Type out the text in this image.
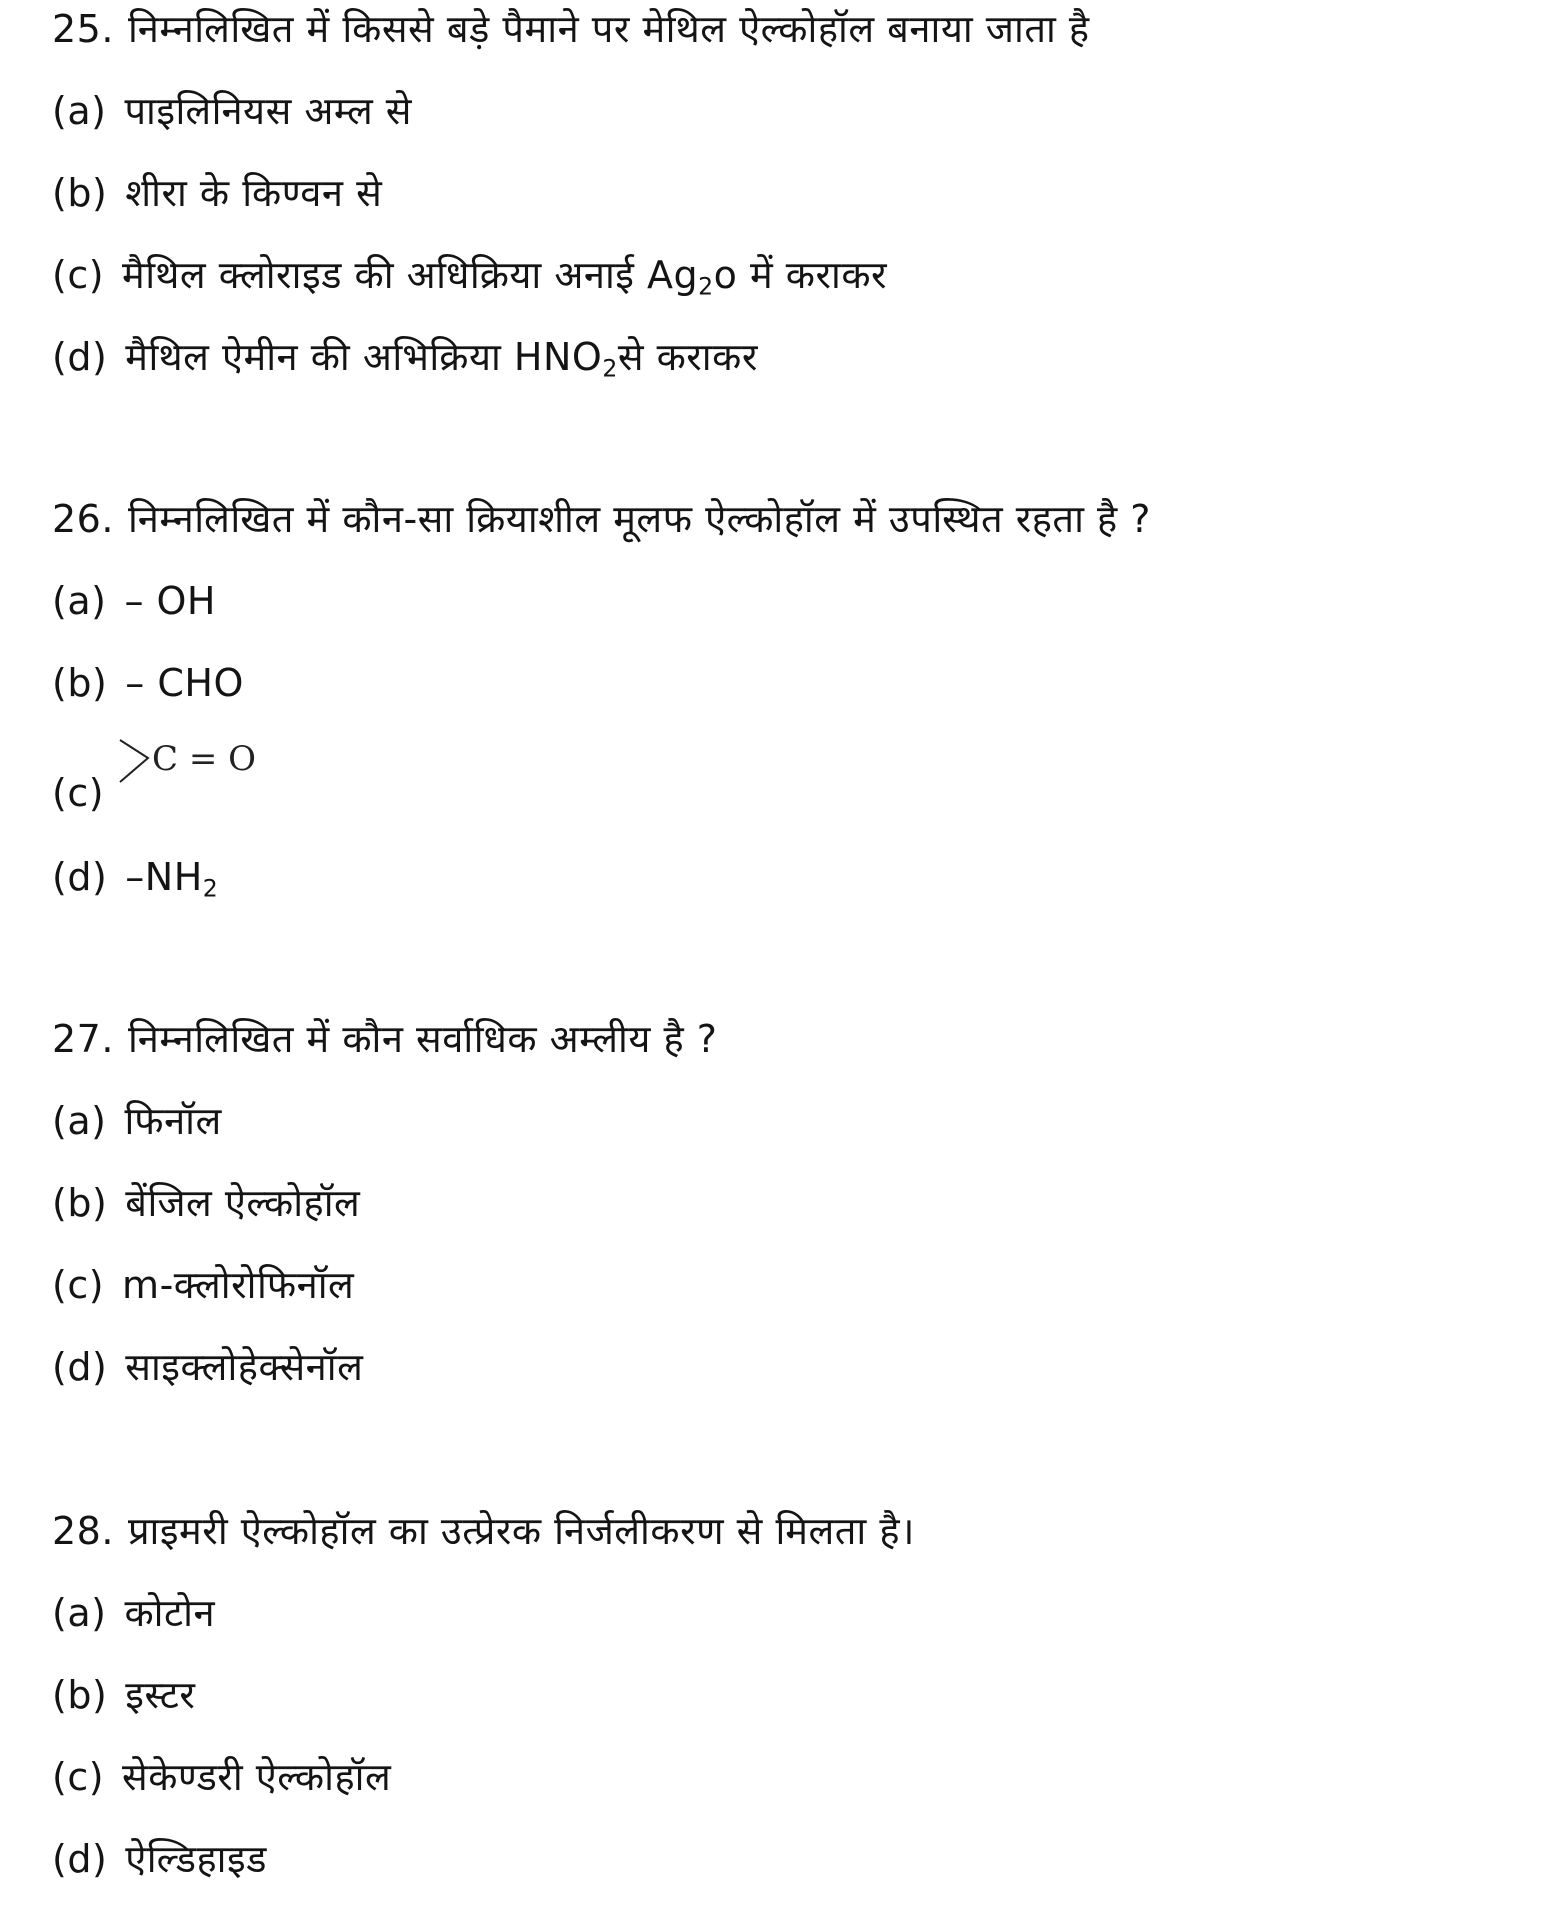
25. निम्नलिखित में किससे बड़े पैमाने पर मेथिल ऐल्कोहॉल बनाया जाता है
(a) पाइलिनियस अम्ल से
(b) शीरा के किण्वन से
(c) मैथिल क्लोराइड की अधिक्रिया अनाई $Ag_2o$ में कराकर
(d) मैथिल ऐमीन की अभिक्रिया $HNO_2से$ कराकर
26. निम्नलिखित में कौन-सा क्रियाशील मूलफ ऐल्कोहॉल में उपस्थित रहता है ?
(a) – OH
(b) – CHO
(c)
C = O
(d) $-NH_2$
27. निम्नलिखित में कौन सर्वाधिक अम्लीय है ?
(a) फिनॉल
(b) बेंजिल ऐल्कोहॉल
(c) m-क्लोरोफिनॉल
(d) साइक्लोहेक्सेनॉल
28. प्राइमरी ऐल्कोहॉल का उत्प्रेरक निर्जलीकरण से मिलता है।
(a) कोटोन
(b) इस्टर
(c) सेकेण्डरी ऐल्कोहॉल
(d) ऐल्डिहाइड
